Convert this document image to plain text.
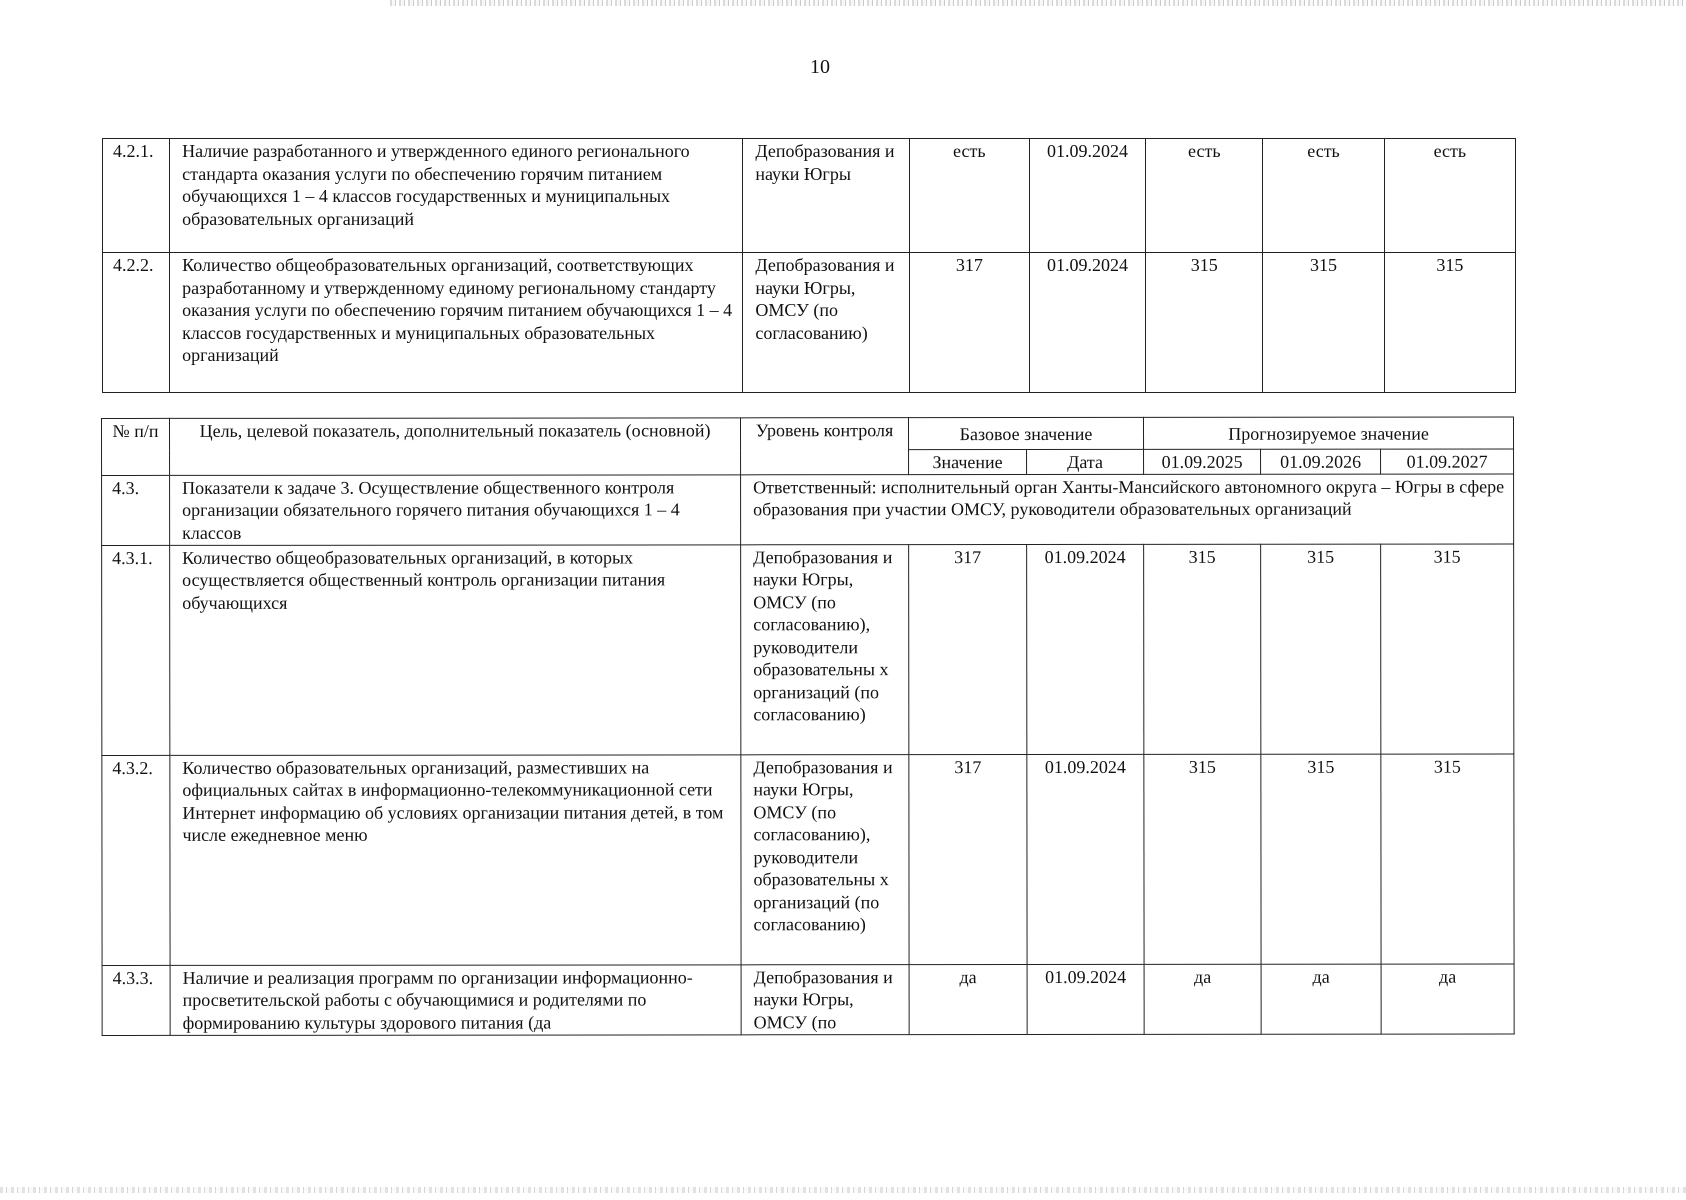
10
4.2.1.	Наличие разработанного и утвержденного единого регионального стандарта оказания услуги по обеспечению горячим питанием обучающихся 1 – 4 классов государственных и муниципальных образовательных организаций	Депобразования и науки Югры	есть	01.09.2024	есть	есть	есть
4.2.2.	Количество общеобразовательных организаций, соответствующих разработанному и утвержденному единому региональному стандарту оказания услуги по обеспечению горячим питанием обучающихся 1 – 4 классов государственных и муниципальных образовательных организаций	Депобразования и науки Югры, ОМСУ (по согласованию)	317	01.09.2024	315	315	315
№ п/п	Цель, целевой показатель, дополнительный показатель (основной)	Уровень контроля	Базовое значение		Прогнозируемое значение		
			Значение	Дата	01.09.2025	01.09.2026	01.09.2027
4.3.	Показатели к задаче 3. Осуществление общественного контроля организации обязательного горячего питания обучающихся 1 – 4 классов	Ответственный: исполнительный орган Ханты-Мансийского автономного округа – Югры в сфере образования при участии ОМСУ, руководители образовательных организаций					
4.3.1.	Количество общеобразовательных организаций, в которых осуществляется общественный контроль организации питания обучающихся	Депобразования и науки Югры, ОМСУ (по согласованию), руководители образовательны х организаций (по согласованию)	317	01.09.2024	315	315	315
4.3.2.	Количество образовательных организаций, разместивших на официальных сайтах в информационно-телекоммуникационной сети Интернет информацию об условиях организации питания детей, в том числе ежедневное меню	Депобразования и науки Югры, ОМСУ (по согласованию), руководители образовательны х организаций (по согласованию)	317	01.09.2024	315	315	315
4.3.3.	Наличие и реализация программ по организации информационно-просветительской работы с обучающимися и родителями по формированию культуры здорового питания (да	Депобразования и науки Югры, ОМСУ (по	да	01.09.2024	да	да	да
